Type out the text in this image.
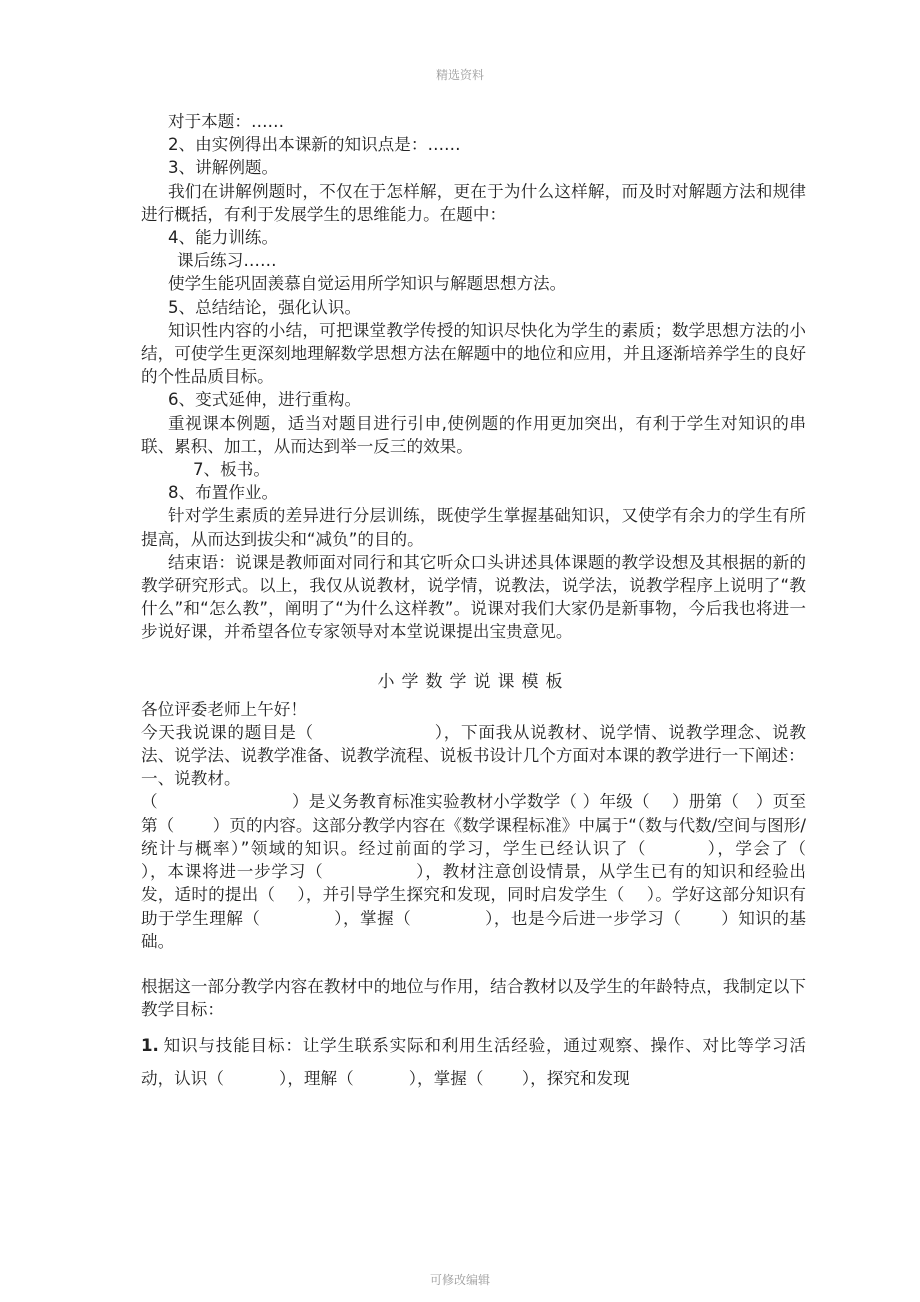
精选资料
对于本题：……
2、由实例得出本课新的知识点是：……
3、讲解例题。
我们在讲解例题时，不仅在于怎样解，更在于为什么这样解，而及时对解题方法和规律进行概括，有利于发展学生的思维能力。在题中：
4、能力训练。
课后练习……
使学生能巩固羡慕自觉运用所学知识与解题思想方法。
5、总结结论，强化认识。
知识性内容的小结，可把课堂教学传授的知识尽快化为学生的素质；数学思想方法的小结，可使学生更深刻地理解数学思想方法在解题中的地位和应用，并且逐渐培养学生的良好的个性品质目标。
6、变式延伸，进行重构。
重视课本例题，适当对题目进行引申,使例题的作用更加突出，有利于学生对知识的串联、累积、加工，从而达到举一反三的效果。
7、板书。
8、布置作业。
针对学生素质的差异进行分层训练，既使学生掌握基础知识，又使学有余力的学生有所提高，从而达到拔尖和“减负”的目的。
结束语：说课是教师面对同行和其它听众口头讲述具体课题的教学设想及其根据的新的教学研究形式。以上，我仅从说教材，说学情，说教法，说学法，说教学程序上说明了“教什么”和“怎么教”，阐明了“为什么这样教”。说课对我们大家仍是新事物，今后我也将进一步说好课，并希望各位专家领导对本堂说课提出宝贵意见。
小学数学说课模板
各位评委老师上午好！
今天我说课的题目是（　　　　　　　），下面我从说教材、说学情、说教学理念、说教法、说学法、说教学准备、说教学流程、说板书设计几个方面对本课的教学进行一下阐述：
一、说教材。
（　　　　　　　　）是义务教育标准实验教材小学数学（ ）年级（　 ）册第（　）页至第（　　 ）页的内容。这部分教学内容在《数学课程标准》中属于“（数与代数/空间与图形/统计与概率）”领域的知识。经过前面的学习，学生已经认识了（　　　 ），学会了（　　　 ），本课将进一步学习（　　　　　 ），教材注意创设情景，从学生已有的知识和经验出发，适时的提出（　 ），并引导学生探究和发现，同时启发学生（　 ）。学好这部分知识有助于学生理解（　　　　 ），掌握（　　　　 ），也是今后进一步学习（　　 ）知识的基础。
根据这一部分教学内容在教材中的地位与作用，结合教材以及学生的年龄特点，我制定以下教学目标：
1. 知识与技能目标：让学生联系实际和利用生活经验，通过观察、操作、对比等学习活动，认识（　　　 ），理解（　　　 ），掌握（　　 ），探究和发现
可修改编辑
